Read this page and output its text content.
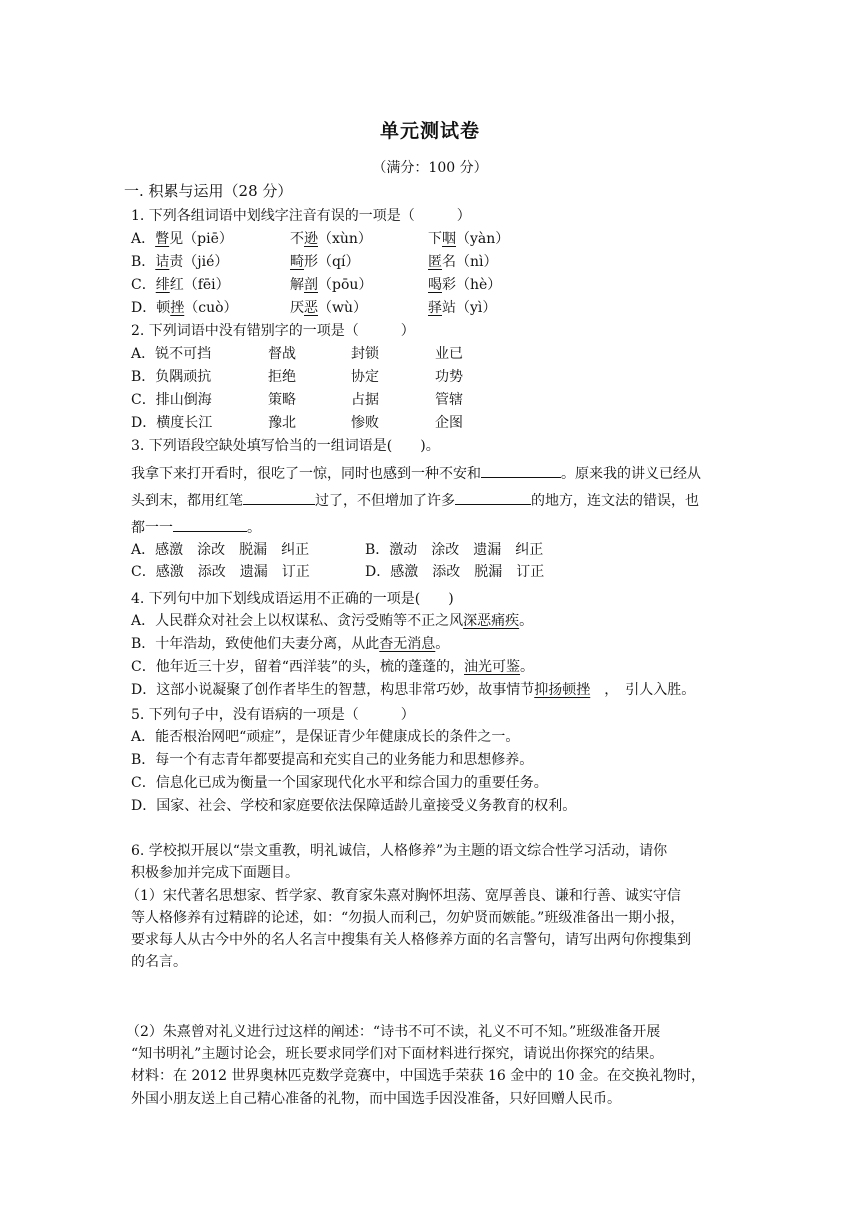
单元测试卷
（满分：100 分）
一. 积累与运用（28 分）
1. 下列各组词语中划线字注音有误的一项是（　　　）
A．瞥见（piē）	不逊（xùn）	下咽（yàn）
B．诘责（jié）	畸形（qí）	匿名（nì）
C．绯红（fēi）	解剖（pōu）	喝彩（hè）
D．顿挫（cuò）	厌恶（wù）	驿站（yì）
2. 下列词语中没有错别字的一项是（　　　）
A．锐不可挡	督战	封锁	业已
B．负隅顽抗	拒绝	协定	功势
C．排山倒海	策略	占据	管辖
D．横度长江	豫北	惨败	企图
3. 下列语段空缺处填写恰当的一组词语是(　　)。
我拿下来打开看时，很吃了一惊，同时也感到一种不安和	。原来我的讲义已经从
头到末，都用红笔	过了，不但增加了许多	的地方，连文法的错误，也
都一一	。
A．感激　涂改　脱漏　纠正	B．激动　涂改　遗漏　纠正
C．感激　添改　遗漏　订正	D．感激　添改　脱漏　订正
4. 下列句中加下划线成语运用不正确的一项是(　　)
A．人民群众对社会上以权谋私、贪污受贿等不正之风深恶痛疾。
B．十年浩劫，致使他们夫妻分离，从此杳无消息。
C．他年近三十岁，留着“西洋装”的头，梳的蓬蓬的，油光可鉴。
D．这部小说凝聚了创作者毕生的智慧，构思非常巧妙，故事情节抑扬顿挫　，　引人入胜。
5. 下列句子中，没有语病的一项是（　　　）
A．能否根治网吧“顽症”，是保证青少年健康成长的条件之一。
B．每一个有志青年都要提高和充实自己的业务能力和思想修养。
C．信息化已成为衡量一个国家现代化水平和综合国力的重要任务。
D．国家、社会、学校和家庭要依法保障适龄儿童接受义务教育的权利。
6. 学校拟开展以“崇文重教，明礼诚信，人格修养”为主题的语文综合性学习活动，请你
积极参加并完成下面题目。
（1）宋代著名思想家、哲学家、教育家朱熹对胸怀坦荡、宽厚善良、谦和行善、诚实守信
等人格修养有过精辟的论述，如：“勿损人而利己，勿妒贤而嫉能。”班级准备出一期小报，
要求每人从古今中外的名人名言中搜集有关人格修养方面的名言警句，请写出两句你搜集到
的名言。
（2）朱熹曾对礼义进行过这样的阐述：“诗书不可不读，礼义不可不知。”班级准备开展
“知书明礼”主题讨论会，班长要求同学们对下面材料进行探究，请说出你探究的结果。
材料：在 2012 世界奥林匹克数学竞赛中，中国选手荣获 16 金中的 10 金。在交换礼物时，
外国小朋友送上自己精心准备的礼物，而中国选手因没准备，只好回赠人民币。
